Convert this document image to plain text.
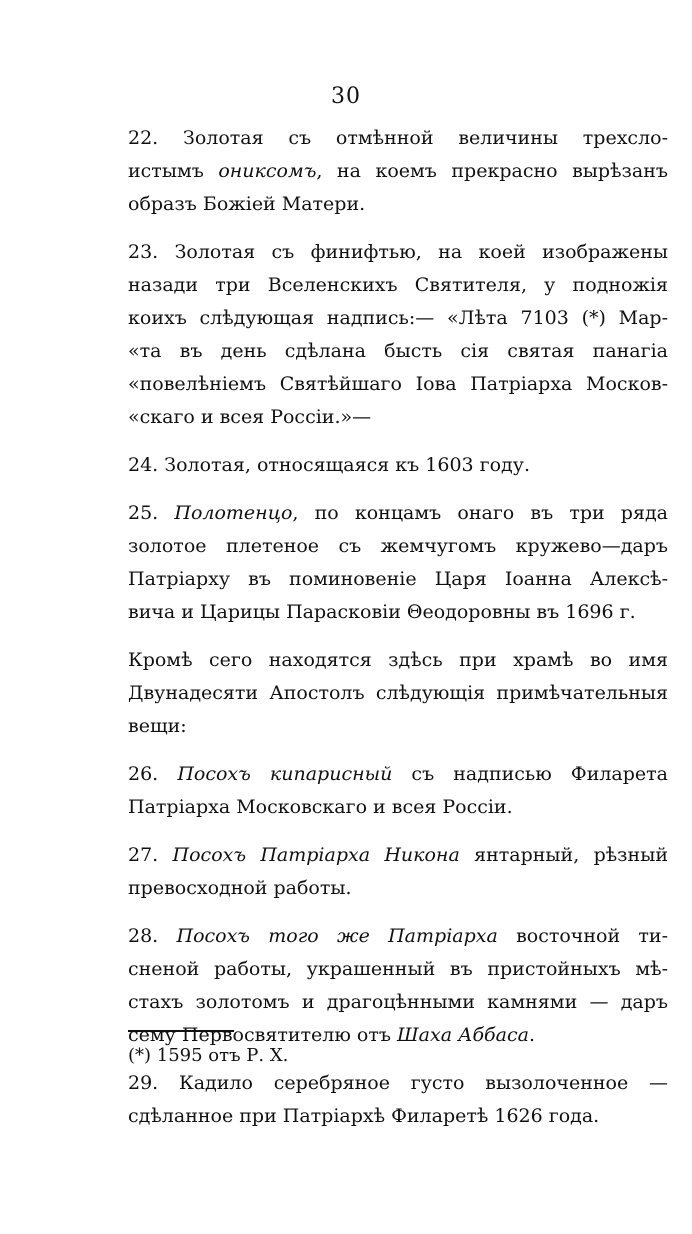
30
22. Золотая съ отмѣнной величины трехсло-
истымъ ониксомъ, на коемъ прекрасно вырѣзанъ
образъ Божiей Матери.
23. Золотая съ финифтью, на коей изображены
назади три Вселенскихъ Святителя, у подножiя
коихъ слѣдующая надпись:— «Лѣта 7103 (*) Мар-
«та въ день сдѣлана бысть сiя святая панагiа
«повелѣнiемъ Святѣйшаго Iова Патрiарха Москов-
«скаго и всея Россiи.»—
24. Золотая, относящаяся къ 1603 году.
25. Полотенцо, по концамъ онаго въ три ряда
золотое плетеное съ жемчугомъ кружево—даръ
Патрiарху въ поминовенiе Царя Iоанна Алексѣ-
вича и Царицы Парасковiи Θеодоровны въ 1696 г.
Кромѣ сего находятся здѣсь при храмѣ во имя
Двунадесяти Апостолъ слѣдующiя примѣчательныя
вещи:
26. Посохъ кипарисный съ надписью Филарета
Патрiарха Московскаго и всея Россiи.
27. Посохъ Патрiарха Никона янтарный, рѣзный
превосходной работы.
28. Посохъ того же Патрiарха восточной ти-
сненой работы, украшенный въ пристойныхъ мѣ-
стахъ золотомъ и драгоцѣнными камнями — даръ
сему Первосвятителю отъ Шаха Аббаса.
29. Кадило серебряное густо вызолоченное —
сдѣланное при Патрiархѣ Филаретѣ 1626 года.
(*) 1595 отъ Р. Х.
